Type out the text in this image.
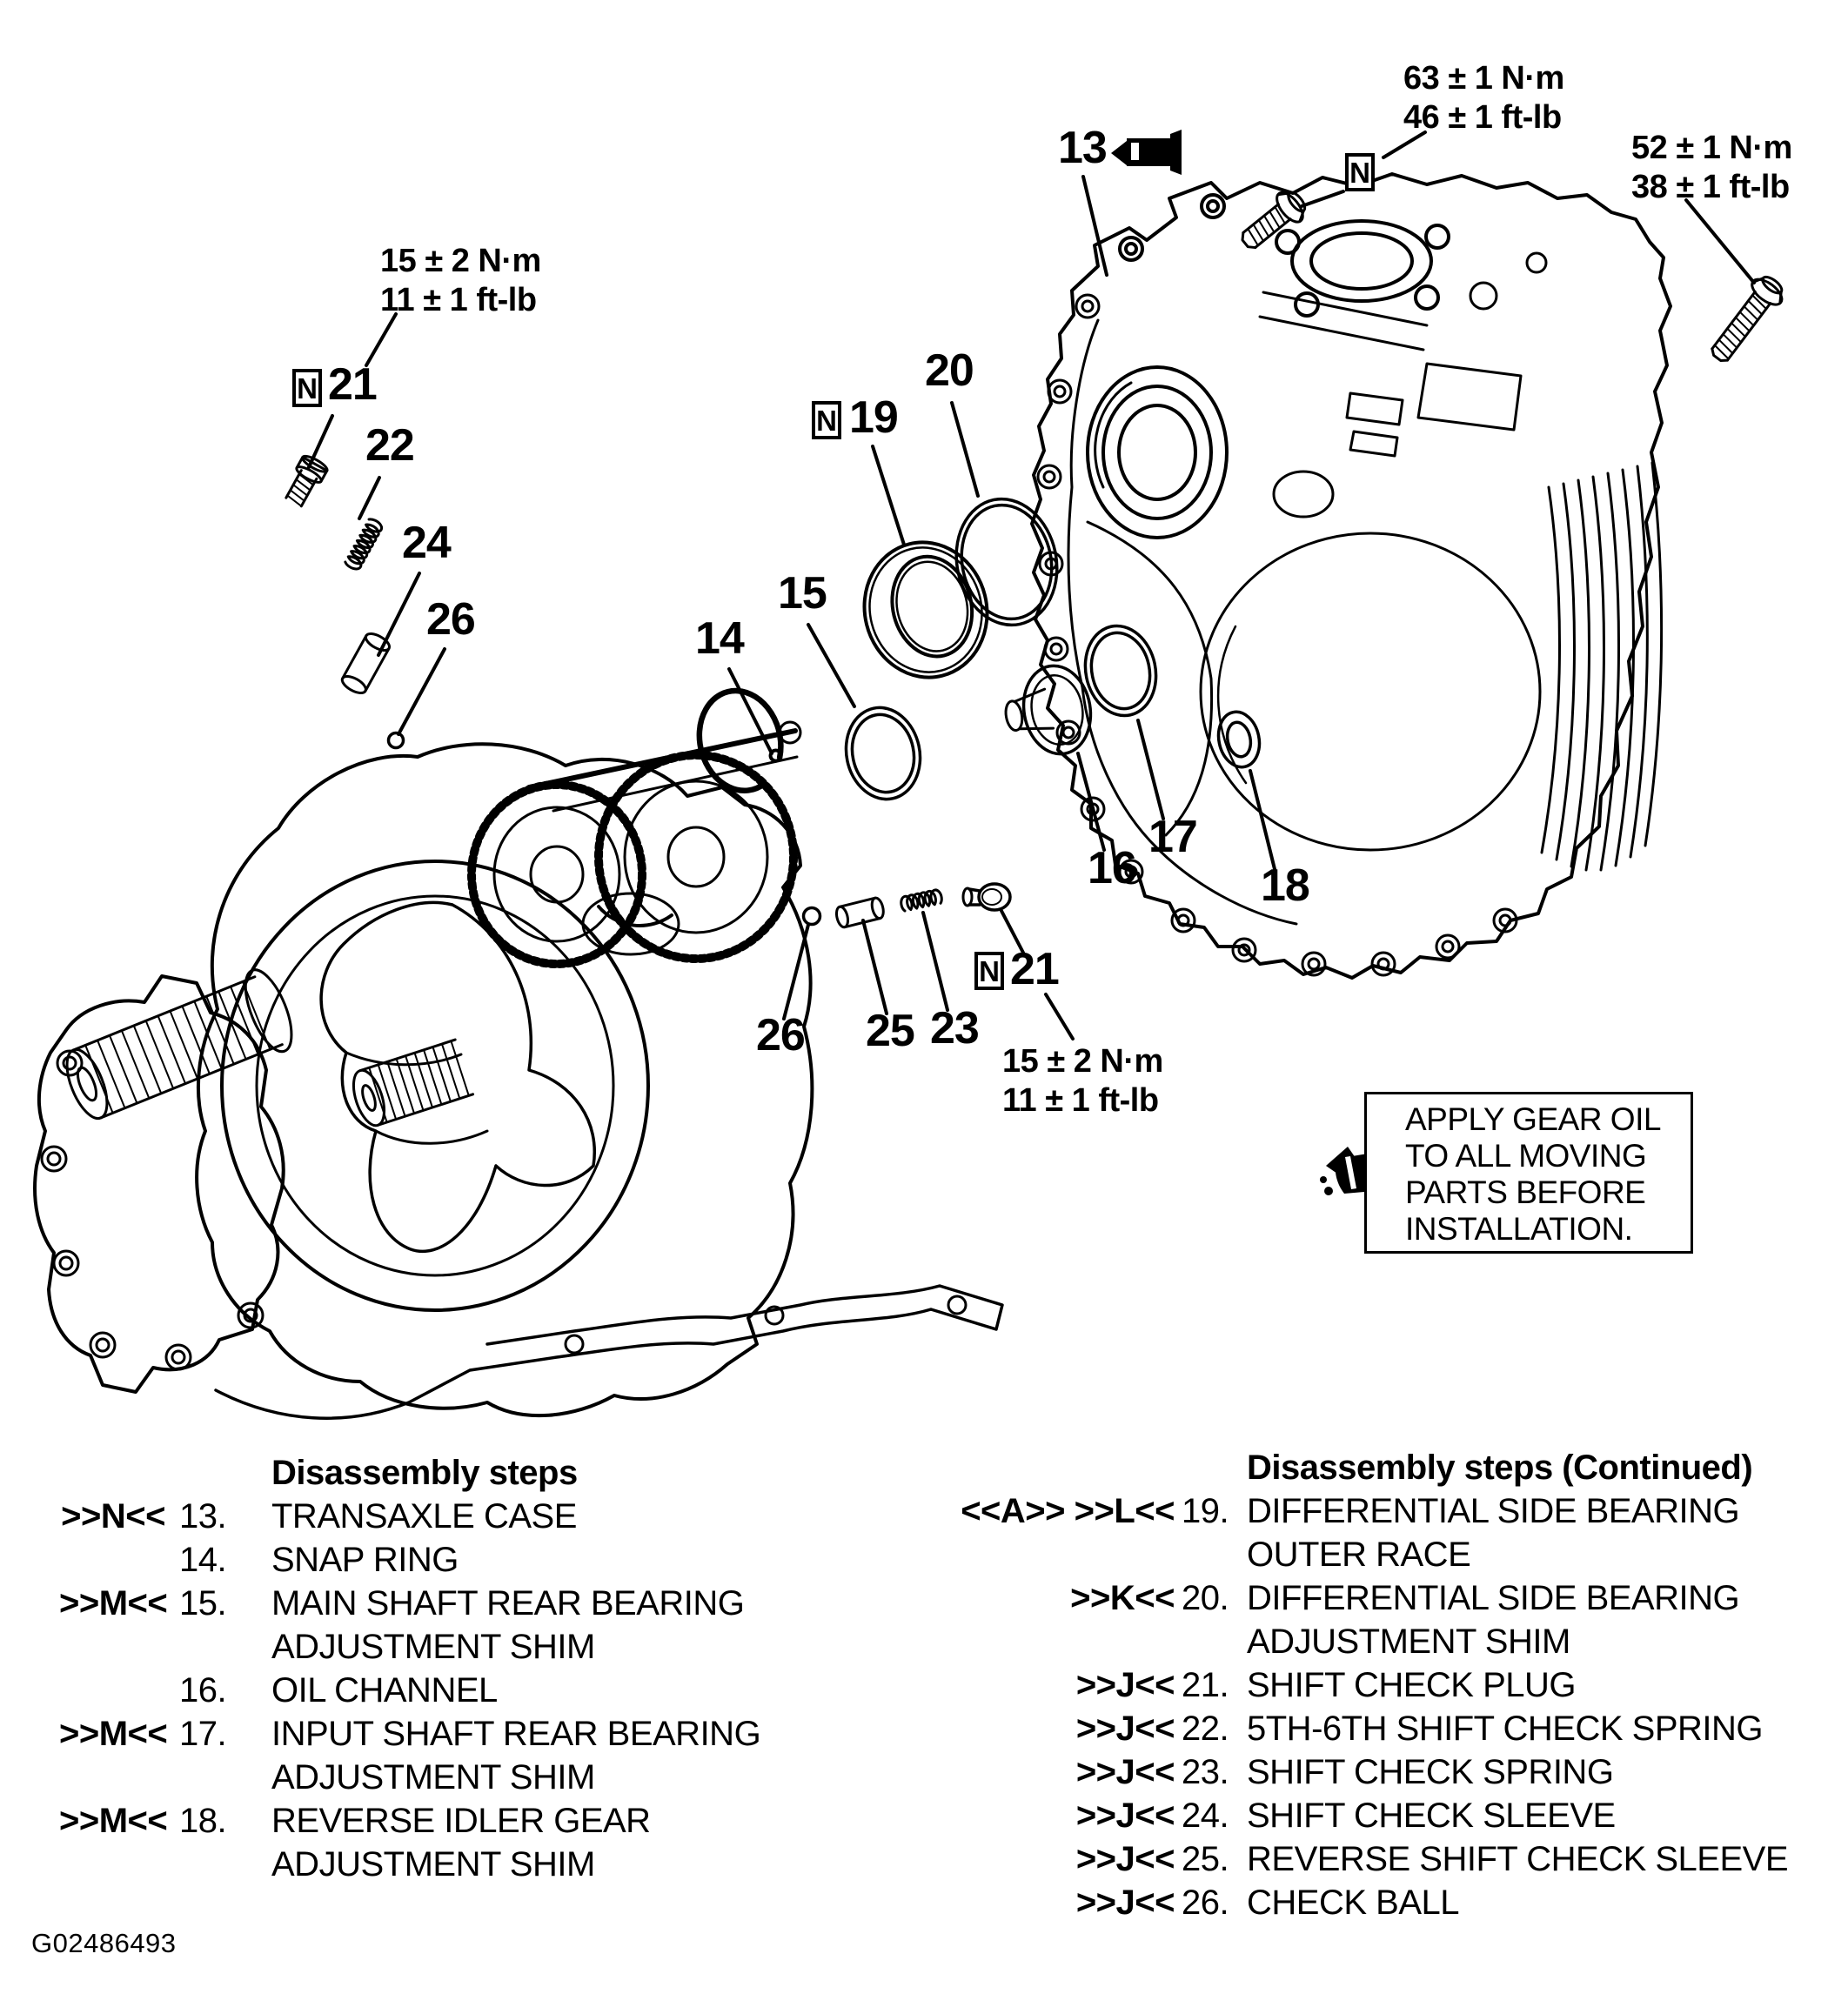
13
14
15
16
17
18
19
20
21
21
22
23
24
25
26
26
N
N
N
N
63 ± 1 N·m
46 ± 1 ft-lb
52 ± 1 N·m
38 ± 1 ft-lb
15 ± 2 N·m
11 ± 1 ft-lb
15 ± 2 N·m
11 ± 1 ft-lb
APPLY GEAR OIL
TO ALL MOVING
PARTS BEFORE
INSTALLATION.
Disassembly steps
>>N<< 13.	TRANSAXLE CASE
14.	SNAP RING
>>M<< 15.	MAIN SHAFT REAR BEARING
ADJUSTMENT SHIM
16.	OIL CHANNEL
>>M<< 17.	INPUT SHAFT REAR BEARING
ADJUSTMENT SHIM
>>M<< 18.	REVERSE IDLER GEAR
ADJUSTMENT SHIM
Disassembly steps (Continued)
<<A>> >>L<< 19. DIFFERENTIAL SIDE BEARING
OUTER RACE
>>K<< 20. DIFFERENTIAL SIDE BEARING
ADJUSTMENT SHIM
>>J<< 21. SHIFT CHECK PLUG
>>J<< 22. 5TH-6TH SHIFT CHECK SPRING
>>J<< 23. SHIFT CHECK SPRING
>>J<< 24. SHIFT CHECK SLEEVE
>>J<< 25. REVERSE SHIFT CHECK SLEEVE
>>J<< 26. CHECK BALL
G02486493
